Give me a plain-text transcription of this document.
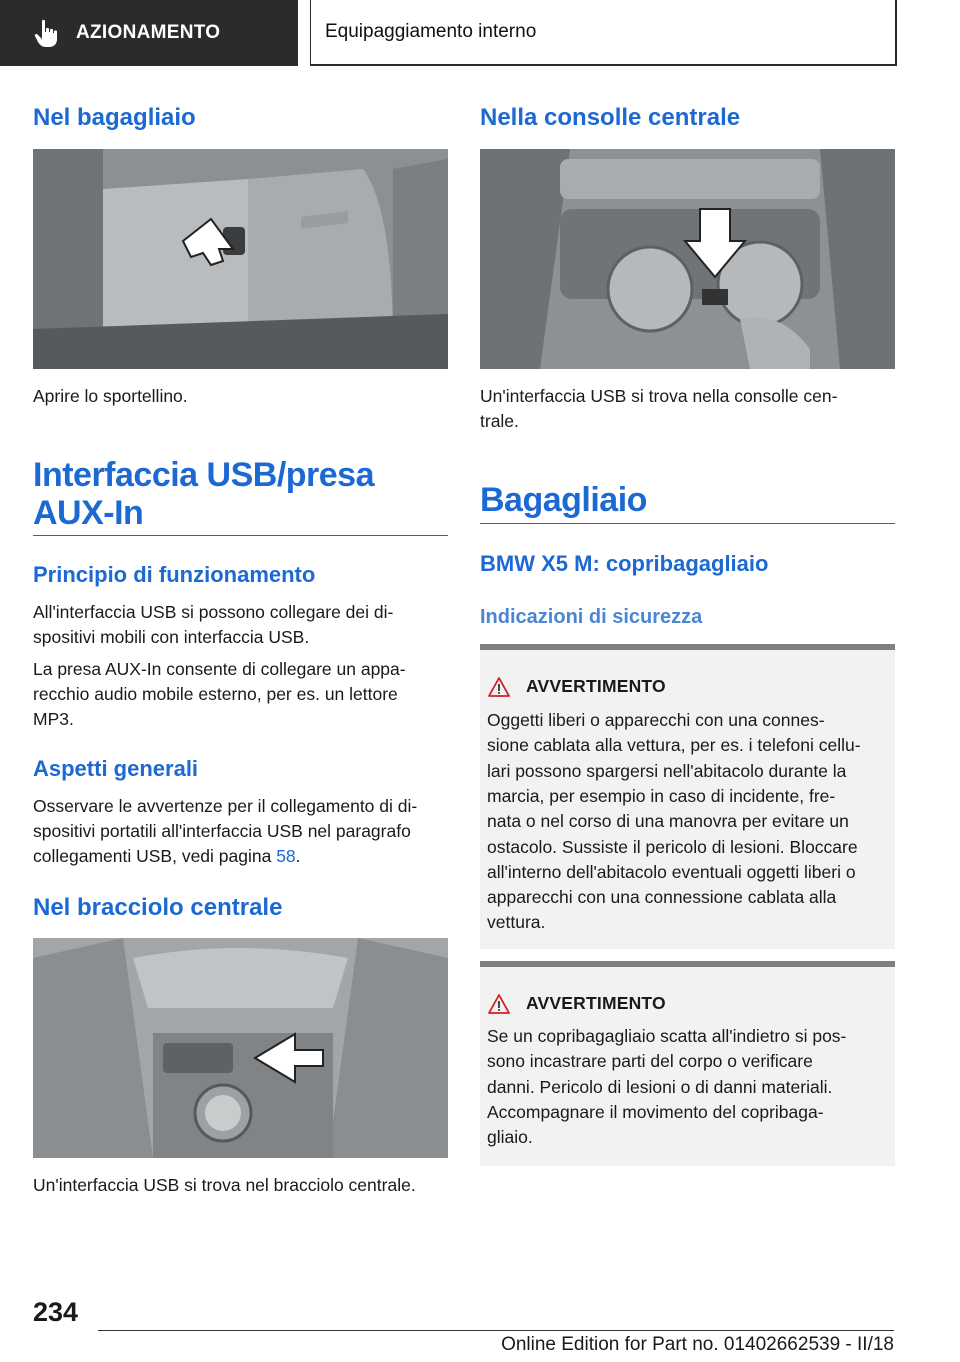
AZIONAMENTO	Equipaggiamento interno
Nel bagagliaio

Aprire lo sportellino.

Interfaccia USB/presa
AUX-In
Principio di funzionamento

All'interfaccia USB si possono collegare dei di-

spositivi mobili con interfaccia USB.

La presa AUX-In consente di collegare un appa-

recchio audio mobile esterno, per es. un lettore

MP3.

Aspetti generali

Osservare le avvertenze per il collegamento di di-

spositivi portatili all'interfaccia USB nel paragrafo

collegamenti USB, vedi pagina 58.

Nel bracciolo centrale

Un'interfaccia USB si trova nel bracciolo centrale.

Nella consolle centrale

Un'interfaccia USB si trova nella consolle cen-

trale.

Bagagliaio
BMW X5 M: copribagagliaio
Indicazioni di sicurezza
AVVERTIMENTO

Oggetti liberi o apparecchi con una connes-

sione cablata alla vettura, per es. i telefoni cellu-

lari possono spargersi nell'abitacolo durante la

marcia, per esempio in caso di incidente, fre-

nata o nel corso di una manovra per evitare un

ostacolo. Sussiste il pericolo di lesioni. Bloccare

all'interno dell'abitacolo eventuali oggetti liberi o

apparecchi con una connessione cablata alla

vettura.

AVVERTIMENTO

Se un copribagagliaio scatta all'indietro si pos-

sono incastrare parti del corpo o verificare

danni. Pericolo di lesioni o di danni materiali.

Accompagnare il movimento del copribaga-

gliaio.

234
Online Edition for Part no. 01402662539 - II/18
